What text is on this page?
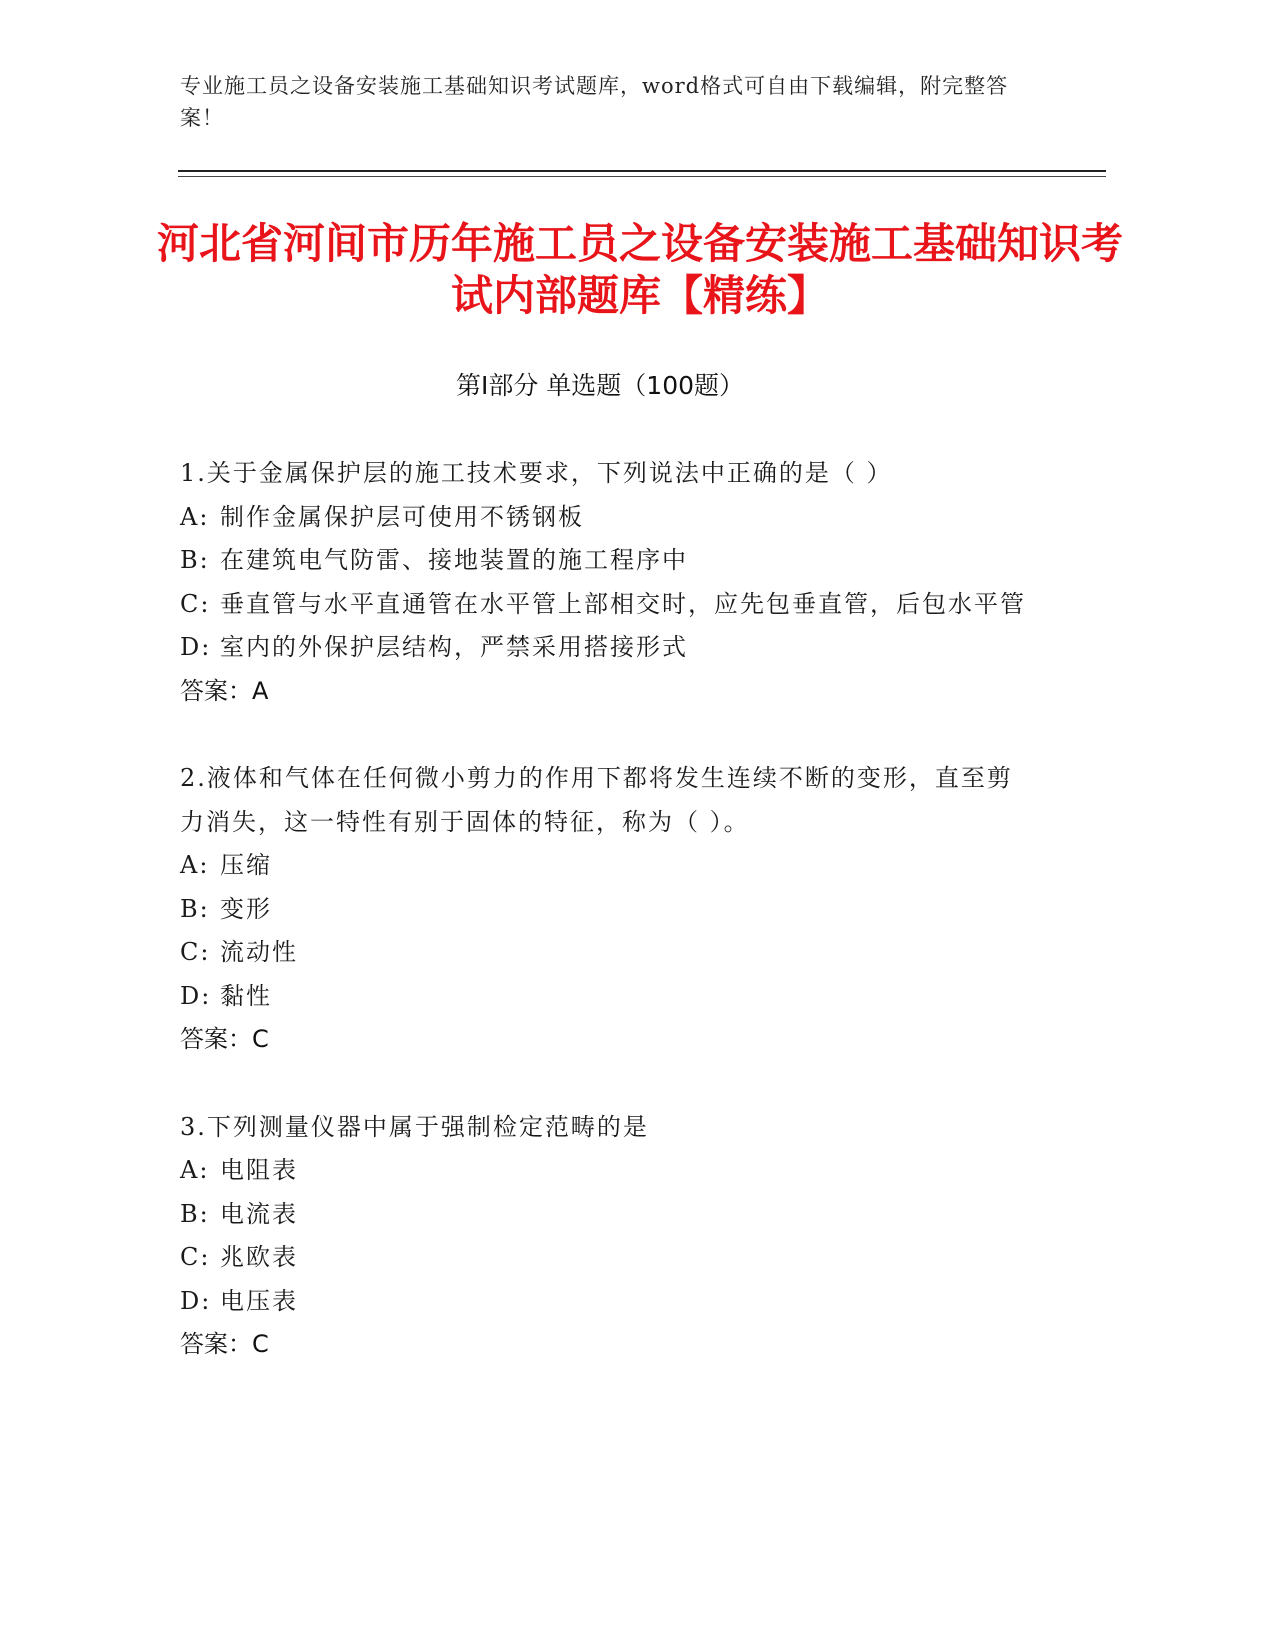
专业施工员之设备安装施工基础知识考试题库，word格式可自由下载编辑，附完整答案！
河北省河间市历年施工员之设备安装施工基础知识考试内部题库【精练】
第Ⅰ部分 单选题（100题）
1.关于金属保护层的施工技术要求，下列说法中正确的是（ ）
A: 制作金属保护层可使用不锈钢板
B: 在建筑电气防雷、接地装置的施工程序中
C: 垂直管与水平直通管在水平管上部相交时，应先包垂直管，后包水平管
D: 室内的外保护层结构，严禁采用搭接形式
答案：A
2.液体和气体在任何微小剪力的作用下都将发生连续不断的变形，直至剪力消失，这一特性有别于固体的特征，称为（ ）。
A: 压缩
B: 变形
C: 流动性
D: 黏性
答案：C
3.下列测量仪器中属于强制检定范畴的是
A: 电阻表
B: 电流表
C: 兆欧表
D: 电压表
答案：C
